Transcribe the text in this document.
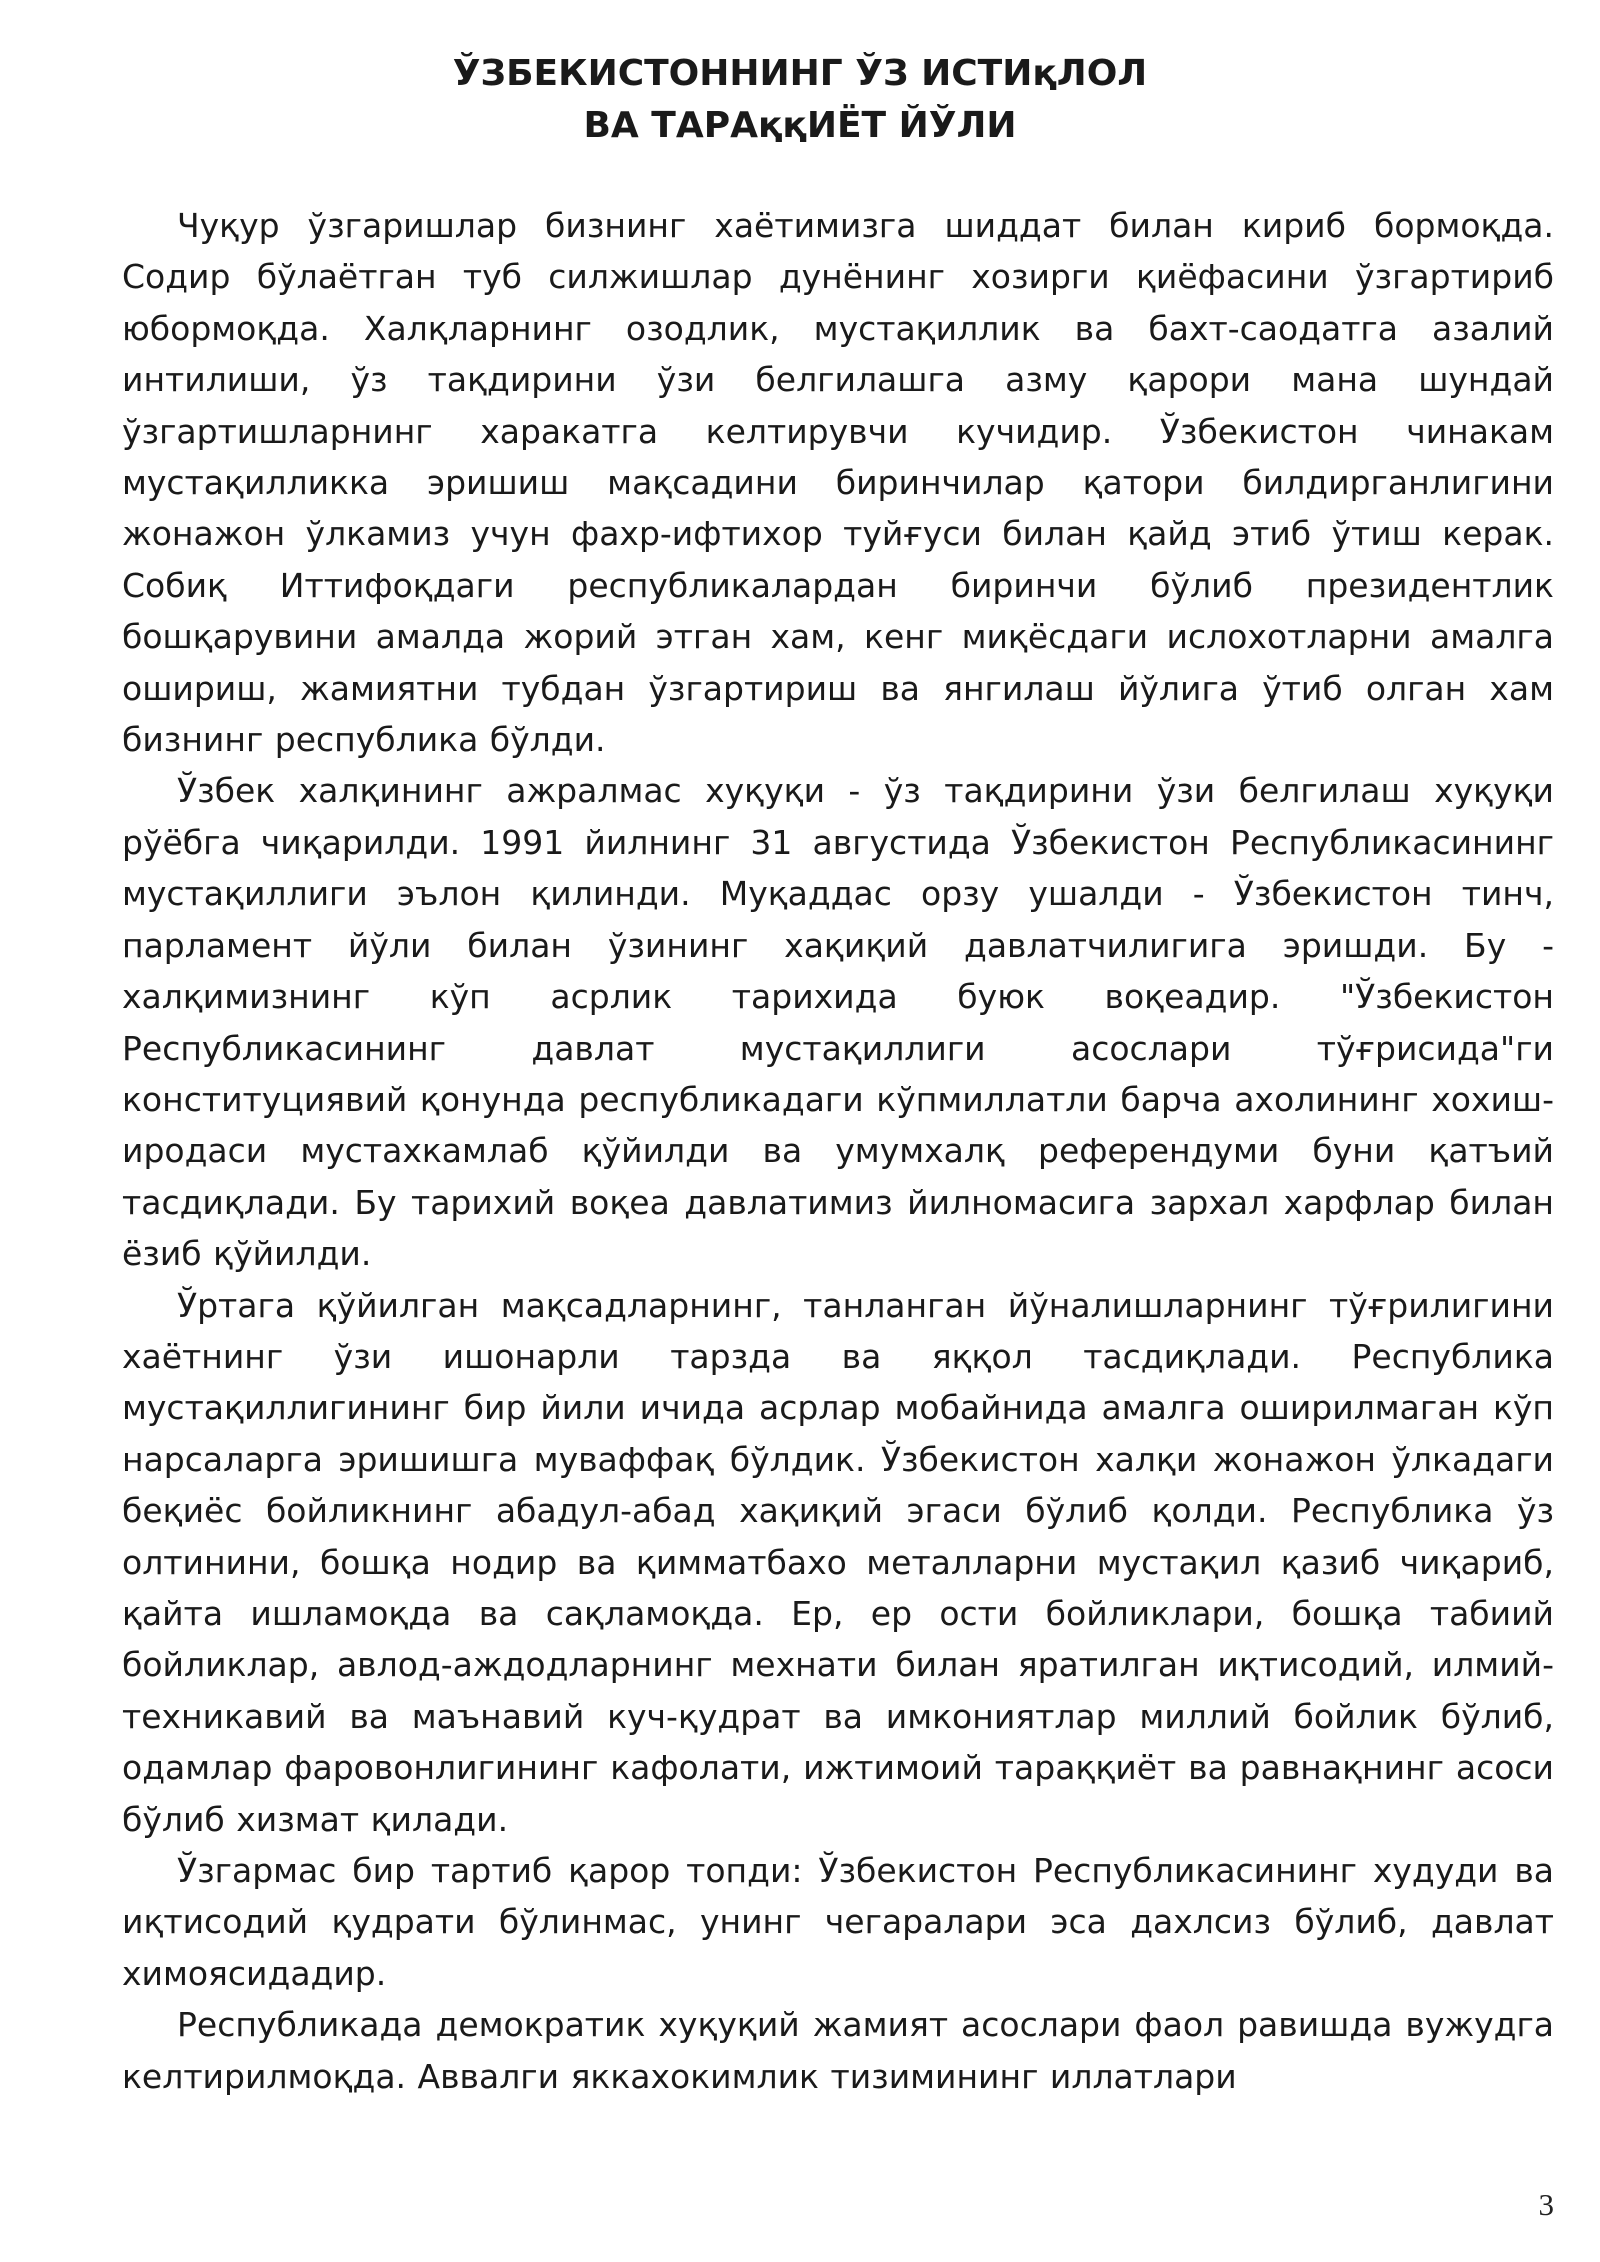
ЎЗБЕКИСТОННИНГ ЎЗ ИСТИқЛОЛ
ВА ТАРАққИЁТ ЙЎЛИ

Чуқур ўзгаришлар бизнинг хаётимизга шиддат билан кириб бормоқда. Содир бўлаётган туб силжишлар дунёнинг хозирги қиёфасини ўзгартириб юбормоқда. Халқларнинг озодлик, мустақиллик ва бахт-саодатга азалий интилиши, ўз тақдирини ўзи белгилашга азму қарори мана шундай ўзгартишларнинг харакатга келтирувчи кучидир. Ўзбекистон чинакам мустақилликка эришиш мақсадини биринчилар қатори билдирганлигини жонажон ўлкамиз учун фахр-ифтихор туйғуси билан қайд этиб ўтиш керак. Собиқ Иттифоқдаги республикалардан биринчи бўлиб президентлик бошқарувини амалда жорий этган хам, кенг миқёсдаги ислохотларни амалга ошириш, жамиятни тубдан ўзгартириш ва янгилаш йўлига ўтиб олган хам бизнинг республика бўлди.

Ўзбек халқининг ажралмас хуқуқи - ўз тақдирини ўзи белгилаш хуқуқи рўёбга чиқарилди. 1991 йилнинг 31 августида Ўзбекистон Республикасининг мустақиллиги эълон қилинди. Муқаддас орзу ушалди - Ўзбекистон тинч, парламент йўли билан ўзининг хақиқий давлатчилигига эришди. Бу - халқимизнинг кўп асрлик тарихида буюк воқеадир. "Ўзбекистон Республикасининг давлат мустақиллиги асослари тўғрисида"ги конституциявий қонунда республикадаги кўпмиллатли барча ахолининг хохиш-иродаси мустахкамлаб қўйилди ва умумхалқ референдуми буни қатъий тасдиқлади. Бу тарихий воқеа давлатимиз йилномасига зархал харфлар билан ёзиб қўйилди.

Ўртага қўйилган мақсадларнинг, танланган йўналишларнинг тўғрилигини хаётнинг ўзи ишонарли тарзда ва яққол тасдиқлади. Республика мустақиллигининг бир йили ичида асрлар мобайнида амалга оширилмаган кўп нарсаларга эришишга муваффақ бўлдик. Ўзбекистон халқи жонажон ўлкадаги беқиёс бойликнинг абадул-абад хақиқий эгаси бўлиб қолди. Республика ўз олтинини, бошқа нодир ва қимматбахо металларни мустақил қазиб чиқариб, қайта ишламоқда ва сақламоқда. Ер, ер ости бойликлари, бошқа табиий бойликлар, авлод-аждодларнинг мехнати билан яратилган иқтисодий, илмий-техникавий ва маънавий куч-қудрат ва имкониятлар миллий бойлик бўлиб, одамлар фаровонлигининг кафолати, ижтимоий тараққиёт ва равнақнинг асоси бўлиб хизмат қилади.

Ўзгармас бир тартиб қарор топди: Ўзбекистон Республикасининг худуди ва иқтисодий қудрати бўлинмас, унинг чегаралари эса дахлсиз бўлиб, давлат химоясидадир.

Республикада демократик хуқуқий жамият асослари фаол равишда вужудга келтирилмоқда. Аввалги яккахокимлик тизимининг иллатлари

3
